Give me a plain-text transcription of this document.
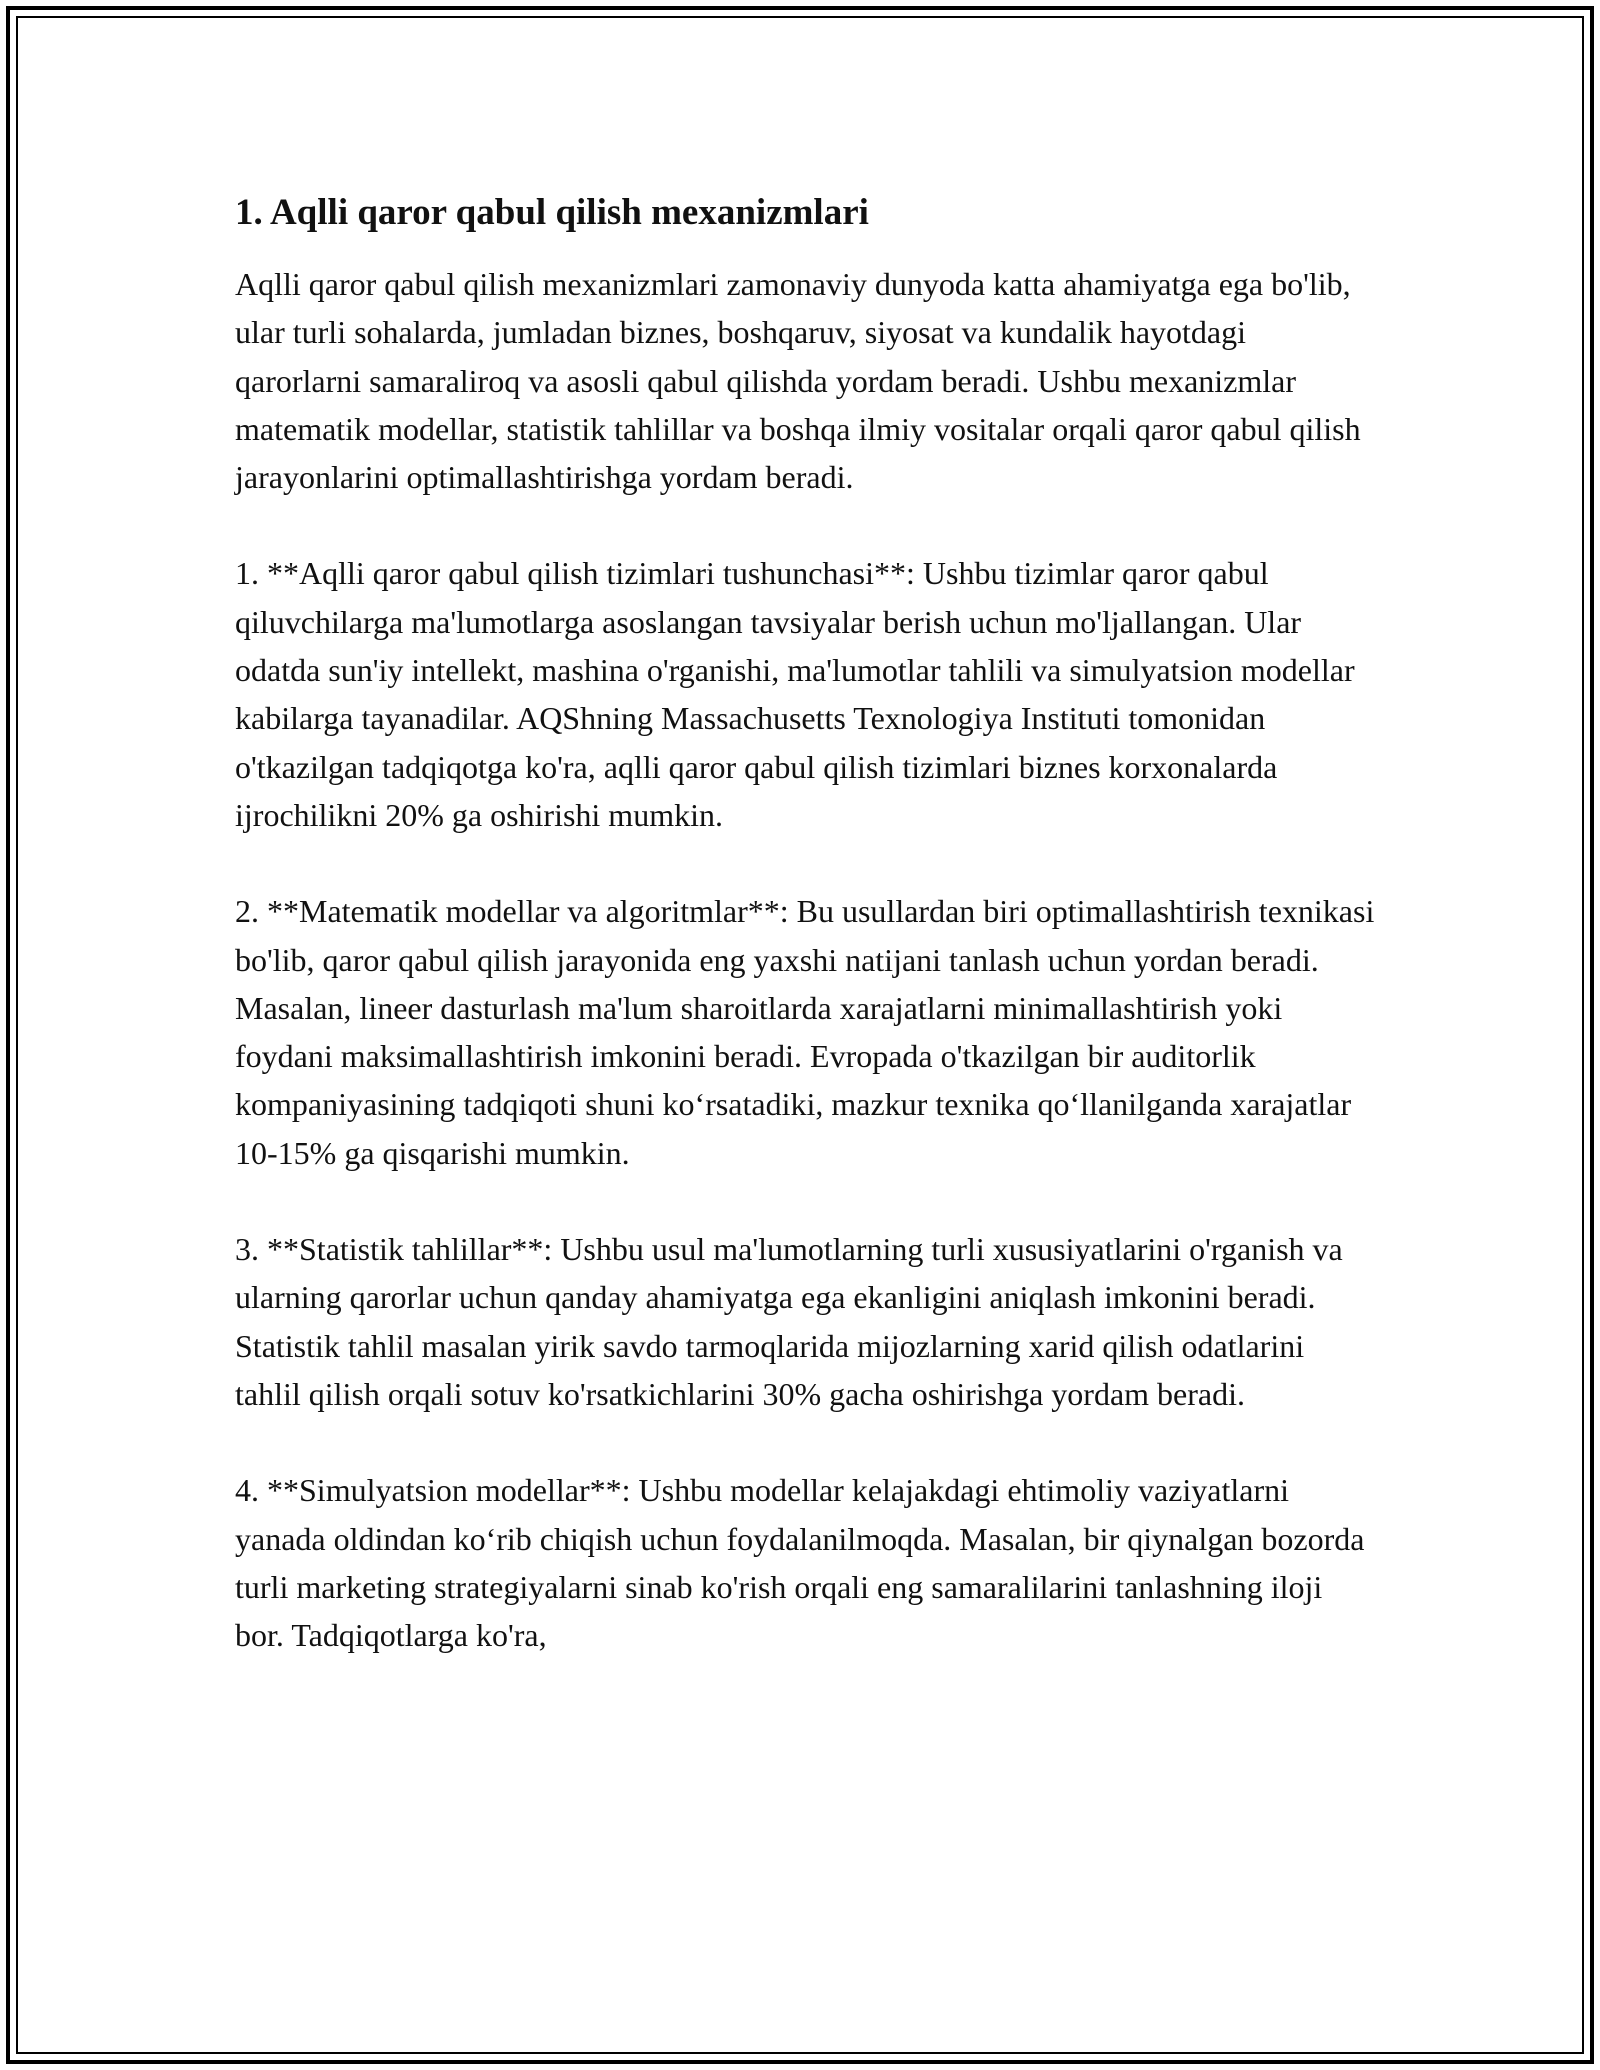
1. Aqlli qaror qabul qilish mexanizmlari

Aqlli qaror qabul qilish mexanizmlari zamonaviy dunyoda katta ahamiyatga ega bo'lib, ular turli sohalarda, jumladan biznes, boshqaruv, siyosat va kundalik hayotdagi qarorlarni samaraliroq va asosli qabul qilishda yordam beradi. Ushbu mexanizmlar matematik modellar, statistik tahlillar va boshqa ilmiy vositalar orqali qaror qabul qilish jarayonlarini optimallashtirishga yordam beradi.

1. **Aqlli qaror qabul qilish tizimlari tushunchasi**: Ushbu tizimlar qaror qabul qiluvchilarga ma'lumotlarga asoslangan tavsiyalar berish uchun mo'ljallangan. Ular odatda sun'iy intellekt, mashina o'rganishi, ma'lumotlar tahlili va simulyatsion modellar kabilarga tayanadilar. AQShning Massachusetts Texnologiya Instituti tomonidan o'tkazilgan tadqiqotga ko'ra, aqlli qaror qabul qilish tizimlari biznes korxonalarda ijrochilikni 20% ga oshirishi mumkin.

2. **Matematik modellar va algoritmlar**: Bu usullardan biri optimallashtirish texnikasi bo'lib, qaror qabul qilish jarayonida eng yaxshi natijani tanlash uchun yordan beradi. Masalan, lineer dasturlash ma'lum sharoitlarda xarajatlarni minimallashtirish yoki foydani maksimallashtirish imkonini beradi. Evropada o'tkazilgan bir auditorlik kompaniyasining tadqiqoti shuni ko‘rsatadiki, mazkur texnika qo‘llanilganda xarajatlar 10-15% ga qisqarishi mumkin.

3. **Statistik tahlillar**: Ushbu usul ma'lumotlarning turli xususiyatlarini o'rganish va ularning qarorlar uchun qanday ahamiyatga ega ekanligini aniqlash imkonini beradi. Statistik tahlil masalan yirik savdo tarmoqlarida mijozlarning xarid qilish odatlarini tahlil qilish orqali sotuv ko'rsatkichlarini 30% gacha oshirishga yordam beradi.

4. **Simulyatsion modellar**: Ushbu modellar kelajakdagi ehtimoliy vaziyatlarni yanada oldindan ko‘rib chiqish uchun foydalanilmoqda. Masalan, bir qiynalgan bozorda turli marketing strategiyalarni sinab ko'rish orqali eng samaralilarini tanlashning iloji bor. Tadqiqotlarga ko'ra,
